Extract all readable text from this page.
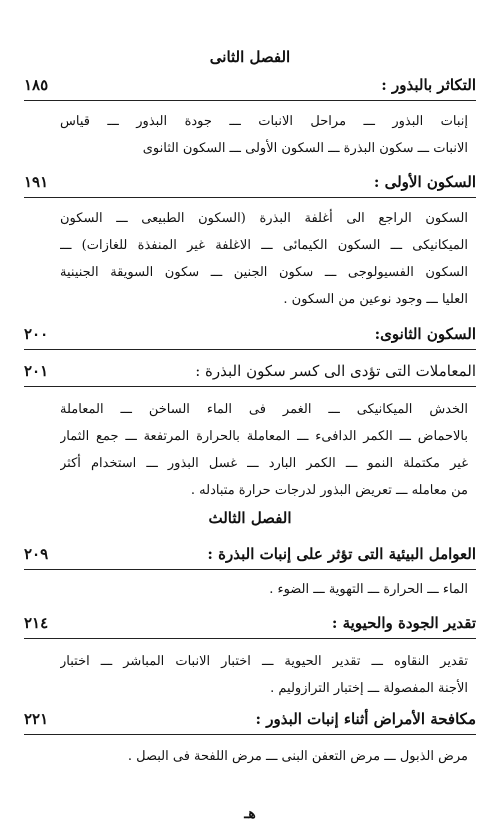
الفصل الثانى
التكاثر بالبذور :
١٨٥
إنبات البذور ـــ مراحل الانبات ـــ جودة البذور ـــ قياس
الانبات ـــ سكون البذرة ـــ السكون الأولى ـــ السكون الثانوى
السكون الأولى :
١٩١
السكون الراجع الى أغلفة البذرة (السكون الطبيعى ـــ السكون
الميكانيكى ـــ السكون الكيمائى ـــ الاغلفة غير المنفذة للغازات) ـــ
السكون الفسيولوجى ـــ سكون الجنين ـــ سكون السويقة الجنينية
العليا ـــ وجود نوعين من السكون .
السكون الثانوى:
٢٠٠
المعاملات التى تؤدى الى كسر سكون البذرة :
٢٠١
الخدش الميكانيكى ـــ الغمر فى الماء الساخن ـــ المعاملة
بالاحماض ـــ الكمر الدافىء ـــ المعاملة بالحرارة المرتفعة ـــ جمع الثمار
غير مكتملة النمو ـــ الكمر البارد ـــ غسل البذور ـــ استخدام أكثر
من معامله ـــ تعريض البذور لدرجات حرارة متبادله .
الفصل الثالث
العوامل البيئية التى تؤثر على إنبات البذرة :
٢٠٩
الماء ـــ الحرارة ـــ التهوية ـــ الضوء .
تقدير الجودة والحيوية :
٢١٤
تقدير النقاوه ـــ تقدير الحيوية ـــ اختبار الانبات المباشر ـــ اختبار
الأجنة المفصولة ـــ إختبار الترازوليم .
مكافحة الأمراض أثناء إنبات البذور :
٢٢١
مرض الذبول ـــ مرض التعفن البنى ـــ مرض اللفحة فى البصل .
هـ
